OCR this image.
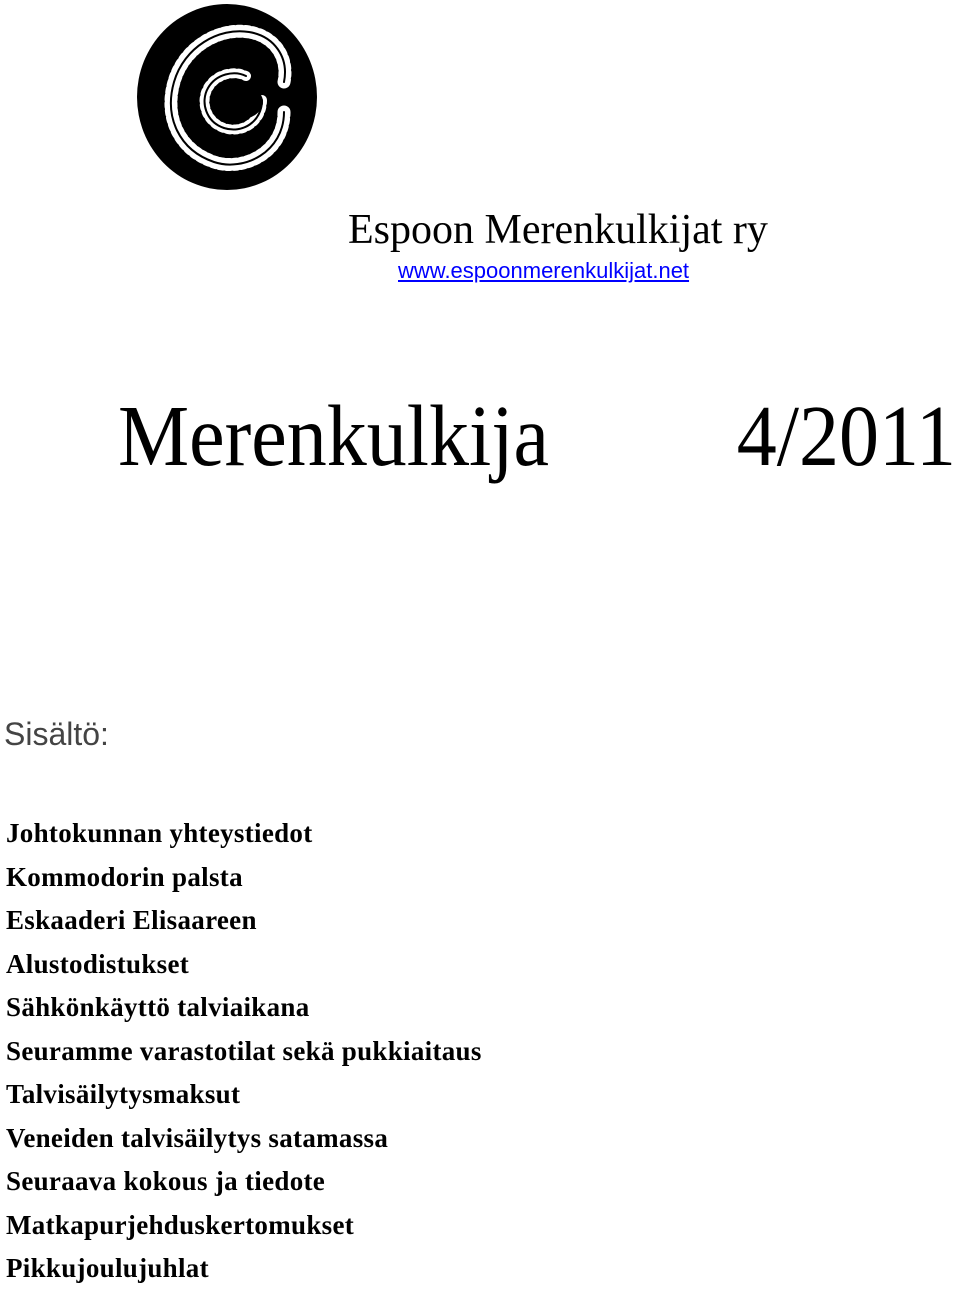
Espoon Merenkulkijat ry
www.espoonmerenkulkijat.net
Merenkulkija 4/2011
Sisältö:
Johtokunnan yhteystiedot
Kommodorin palsta
Eskaaderi Elisaareen
Alustodistukset
Sähkönkäyttö talviaikana
Seuramme varastotilat sekä pukkiaitaus
Talvisäilytysmaksut
Veneiden talvisäilytys satamassa
Seuraava kokous ja tiedote
Matkapurjehduskertomukset
Pikkujoulujuhlat
